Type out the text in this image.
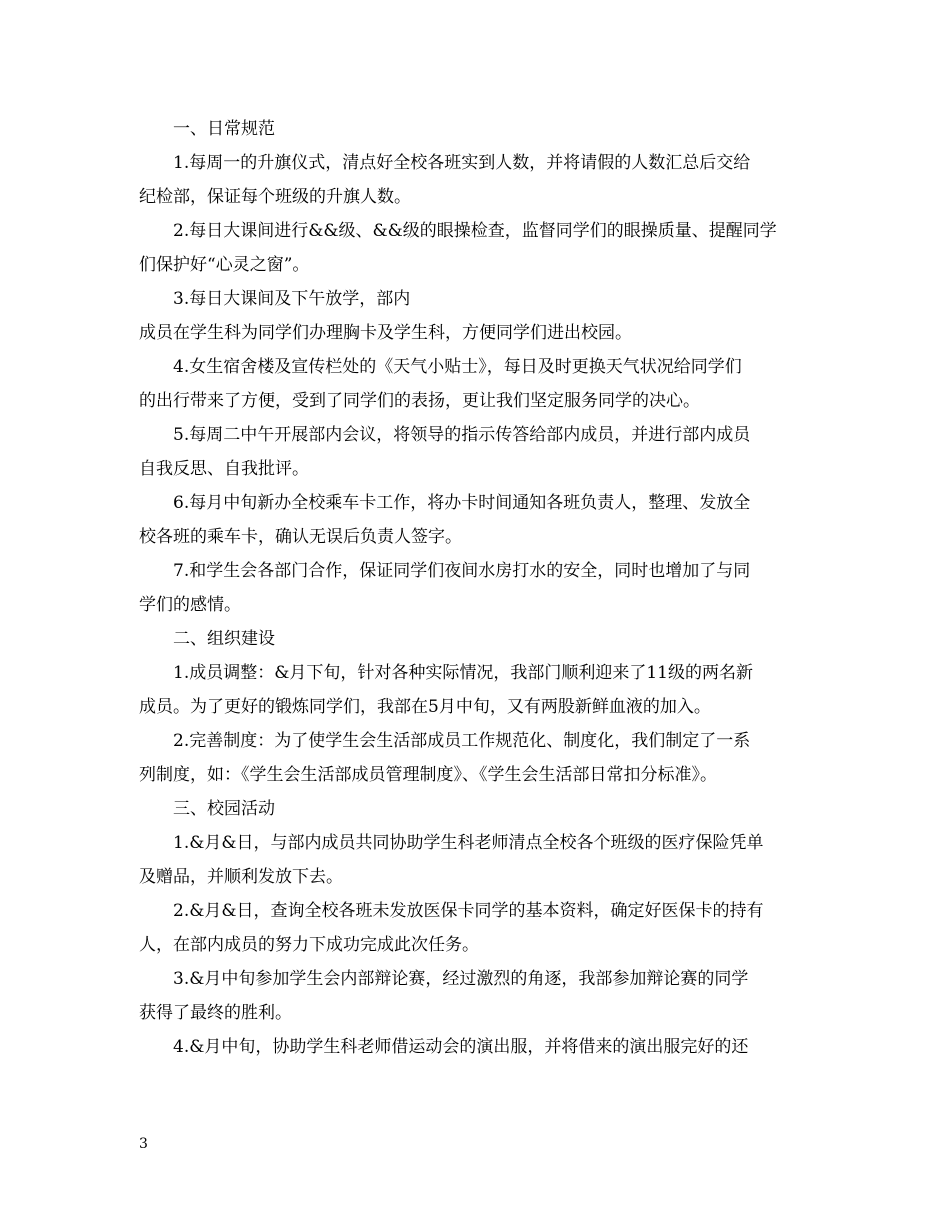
一、日常规范
1.每周一的升旗仪式，清点好全校各班实到人数，并将请假的人数汇总后交给
纪检部，保证每个班级的升旗人数。
2.每日大课间进行&&级、&&级的眼操检查，监督同学们的眼操质量、提醒同学
们保护好“心灵之窗”。
3.每日大课间及下午放学，部内
成员在学生科为同学们办理胸卡及学生科，方便同学们进出校园。
4.女生宿舍楼及宣传栏处的《天气小贴士》，每日及时更换天气状况给同学们
的出行带来了方便，受到了同学们的表扬，更让我们坚定服务同学的决心。
5.每周二中午开展部内会议，将领导的指示传答给部内成员，并进行部内成员
自我反思、自我批评。
6.每月中旬新办全校乘车卡工作，将办卡时间通知各班负责人，整理、发放全
校各班的乘车卡，确认无误后负责人签字。
7.和学生会各部门合作，保证同学们夜间水房打水的安全，同时也增加了与同
学们的感情。
二、组织建设
1.成员调整：&月下旬，针对各种实际情况，我部门顺利迎来了11级的两名新
成员。为了更好的锻炼同学们，我部在5月中旬，又有两股新鲜血液的加入。
2.完善制度：为了使学生会生活部成员工作规范化、制度化，我们制定了一系
列制度，如：《学生会生活部成员管理制度》、《学生会生活部日常扣分标准》。
三、校园活动
1.&月&日，与部内成员共同协助学生科老师清点全校各个班级的医疗保险凭单
及赠品，并顺利发放下去。
2.&月&日，查询全校各班未发放医保卡同学的基本资料，确定好医保卡的持有
人，在部内成员的努力下成功完成此次任务。
3.&月中旬参加学生会内部辩论赛，经过激烈的角逐，我部参加辩论赛的同学
获得了最终的胜利。
4.&月中旬，协助学生科老师借运动会的演出服，并将借来的演出服完好的还
3
